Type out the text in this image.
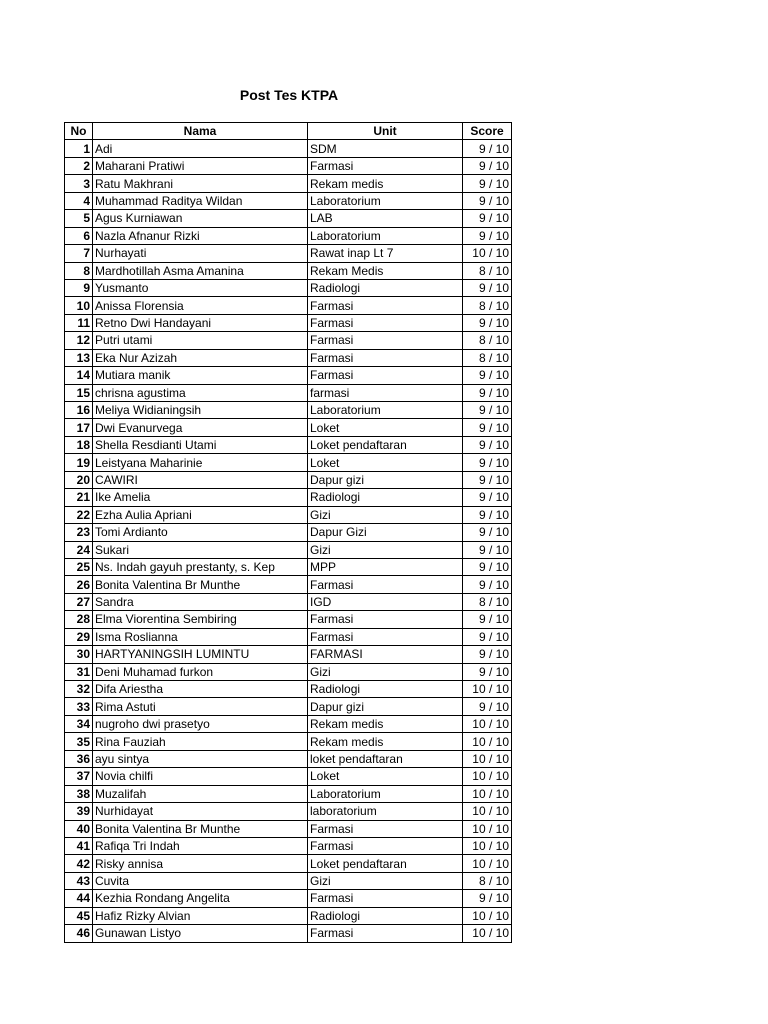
Post Tes KTPA
No	Nama	Unit	Score
1	Adi	SDM	9 / 10
2	Maharani Pratiwi	Farmasi	9 / 10
3	Ratu Makhrani	Rekam medis	9 / 10
4	Muhammad Raditya Wildan	Laboratorium	9 / 10
5	Agus Kurniawan	LAB	9 / 10
6	Nazla Afnanur Rizki	Laboratorium	9 / 10
7	Nurhayati	Rawat inap Lt 7	10 / 10
8	Mardhotillah Asma Amanina	Rekam Medis	8 / 10
9	Yusmanto	Radiologi	9 / 10
10	Anissa Florensia	Farmasi	8 / 10
11	Retno Dwi Handayani	Farmasi	9 / 10
12	Putri utami	Farmasi	8 / 10
13	Eka Nur Azizah	Farmasi	8 / 10
14	Mutiara manik	Farmasi	9 / 10
15	chrisna agustima	farmasi	9 / 10
16	Meliya Widianingsih	Laboratorium	9 / 10
17	Dwi Evanurvega	Loket	9 / 10
18	Shella Resdianti Utami	Loket pendaftaran	9 / 10
19	Leistyana Maharinie	Loket	9 / 10
20	CAWIRI	Dapur gizi	9 / 10
21	Ike Amelia	Radiologi	9 / 10
22	Ezha Aulia Apriani	Gizi	9 / 10
23	Tomi Ardianto	Dapur Gizi	9 / 10
24	Sukari	Gizi	9 / 10
25	Ns. Indah gayuh prestanty, s. Kep	MPP	9 / 10
26	Bonita Valentina Br Munthe	Farmasi	9 / 10
27	Sandra	IGD	8 / 10
28	Elma Viorentina Sembiring	Farmasi	9 / 10
29	Isma Roslianna	Farmasi	9 / 10
30	HARTYANINGSIH LUMINTU	FARMASI	9 / 10
31	Deni Muhamad furkon	Gizi	9 / 10
32	Difa Ariestha	Radiologi	10 / 10
33	Rima Astuti	Dapur gizi	9 / 10
34	nugroho dwi prasetyo	Rekam medis	10 / 10
35	Rina Fauziah	Rekam medis	10 / 10
36	ayu sintya	loket pendaftaran	10 / 10
37	Novia chilfi	Loket	10 / 10
38	Muzalifah	Laboratorium	10 / 10
39	Nurhidayat	laboratorium	10 / 10
40	Bonita Valentina Br Munthe	Farmasi	10 / 10
41	Rafiqa Tri Indah	Farmasi	10 / 10
42	Risky annisa	Loket pendaftaran	10 / 10
43	Cuvita	Gizi	8 / 10
44	Kezhia Rondang Angelita	Farmasi	9 / 10
45	Hafiz Rizky Alvian	Radiologi	10 / 10
46	Gunawan Listyo	Farmasi	10 / 10
